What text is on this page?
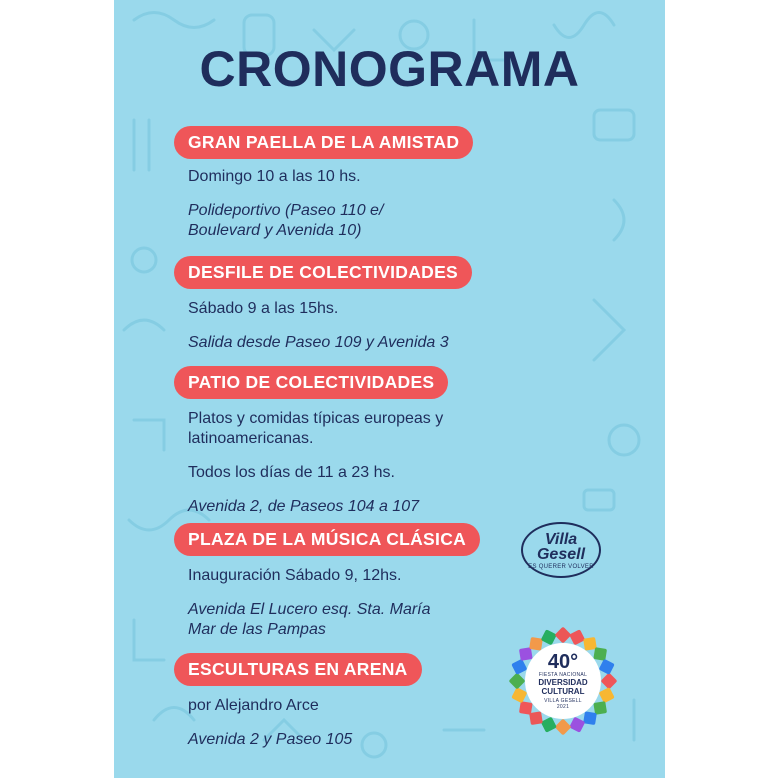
CRONOGRAMA
GRAN PAELLA DE LA AMISTAD
Domingo 10 a las 10 hs.
Polideportivo (Paseo 110 e/ Boulevard y Avenida 10)
DESFILE DE COLECTIVIDADES
Sábado 9 a las 15hs.
Salida desde Paseo 109 y Avenida 3
PATIO DE COLECTIVIDADES
Platos y comidas típicas europeas y latinoamericanas.
Todos los días de 11 a 23 hs.
Avenida 2, de Paseos 104 a 107
PLAZA DE LA MÚSICA CLÁSICA
Inauguración Sábado 9, 12hs.
Avenida El Lucero esq. Sta. María Mar de las Pampas
ESCULTURAS EN ARENA
por Alejandro Arce
Avenida 2 y Paseo 105
Villa
Gesell
ES QUERER VOLVER
40°
FIESTA NACIONAL
DIVERSIDAD
CULTURAL
VILLA GESELL
2021
